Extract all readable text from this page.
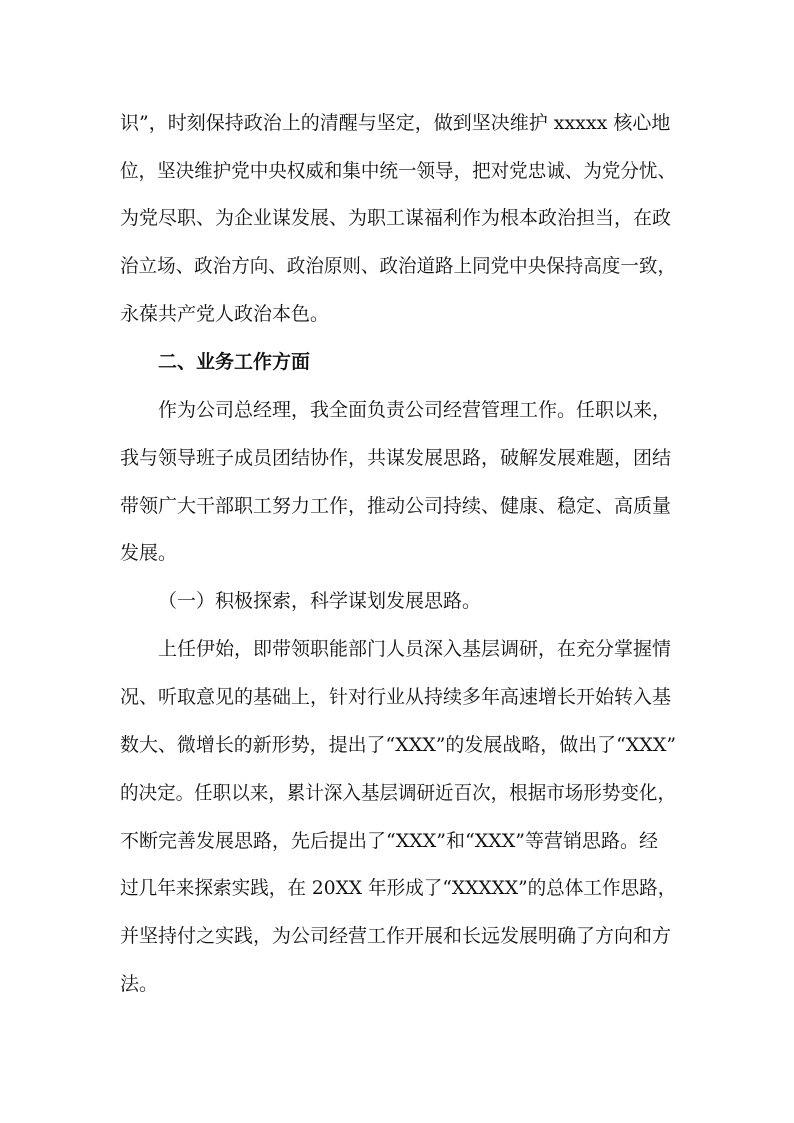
识”，时刻保持政治上的清醒与坚定，做到坚决维护 xxxxx 核心地
位，坚决维护党中央权威和集中统一领导，把对党忠诚、为党分忧、
为党尽职、为企业谋发展、为职工谋福利作为根本政治担当，在政
治立场、政治方向、政治原则、政治道路上同党中央保持高度一致，
永葆共产党人政治本色。
二、业务工作方面
作为公司总经理，我全面负责公司经营管理工作。任职以来，
我与领导班子成员团结协作，共谋发展思路，破解发展难题，团结
带领广大干部职工努力工作，推动公司持续、健康、稳定、高质量
发展。
（一）积极探索，科学谋划发展思路。
上任伊始，即带领职能部门人员深入基层调研，在充分掌握情
况、听取意见的基础上，针对行业从持续多年高速增长开始转入基
数大、微增长的新形势，提出了“XXX”的发展战略，做出了“XXX”
的决定。任职以来，累计深入基层调研近百次，根据市场形势变化，
不断完善发展思路，先后提出了“XXX”和“XXX”等营销思路。经
过几年来探索实践，在 20XX 年形成了“XXXXX”的总体工作思路，
并坚持付之实践，为公司经营工作开展和长远发展明确了方向和方
法。
